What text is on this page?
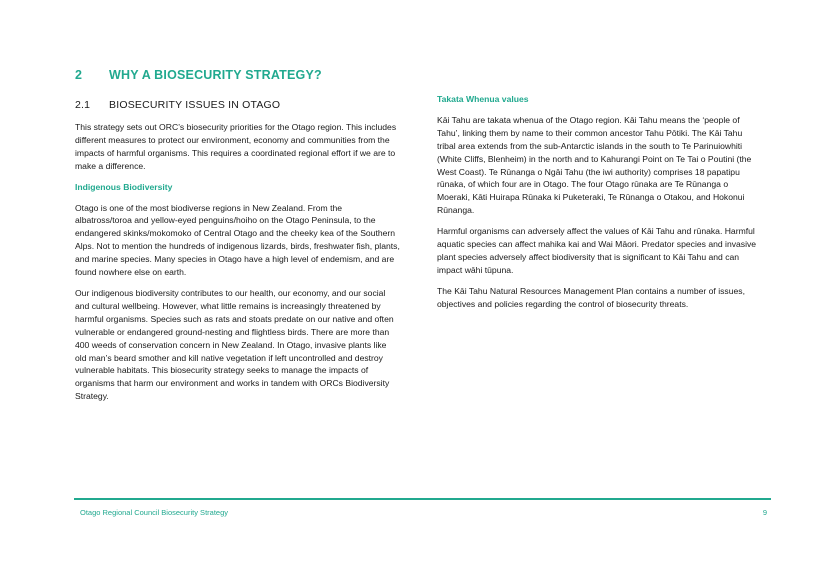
2 WHY A BIOSECURITY STRATEGY?
2.1 BIOSECURITY ISSUES IN OTAGO

This strategy sets out ORC’s biosecurity priorities for the Otago region. This includes different measures to protect our environment, economy and communities from the impacts of harmful organisms. This requires a coordinated regional effort if we are to make a difference.

Indigenous Biodiversity

Otago is one of the most biodiverse regions in New Zealand. From the albatross/toroa and yellow-eyed penguins/hoiho on the Otago Peninsula, to the endangered skinks/mokomoko of Central Otago and the cheeky kea of the Southern Alps. Not to mention the hundreds of indigenous lizards, birds, freshwater fish, plants, and marine species. Many species in Otago have a high level of endemism, and are found nowhere else on earth.

Our indigenous biodiversity contributes to our health, our economy, and our social and cultural wellbeing. However, what little remains is increasingly threatened by harmful organisms. Species such as rats and stoats predate on our native and often vulnerable or endangered ground-nesting and flightless birds. There are more than 400 weeds of conservation concern in New Zealand. In Otago, invasive plants like old man’s beard smother and kill native vegetation if left uncontrolled and destroy vulnerable habitats. This biosecurity strategy seeks to manage the impacts of organisms that harm our environment and works in tandem with ORCs Biodiversity Strategy.

Takata Whenua values

Kāi Tahu are takata whenua of the Otago region. Kāi Tahu means the ‘people of Tahu’, linking them by name to their common ancestor Tahu Pōtiki. The Kāi Tahu tribal area extends from the sub-Antarctic islands in the south to Te Parinuiowhiti (White Cliffs, Blenheim) in the north and to Kahurangi Point on Te Tai o Poutini (the West Coast). Te Rūnanga o Ngāi Tahu (the iwi authority) comprises 18 papatipu rūnaka, of which four are in Otago. The four Otago rūnaka are Te Rūnanga o Moeraki, Kāti Huirapa Rūnaka ki Puketeraki, Te Rūnanga o Otakou, and Hokonui Rūnanga.

Harmful organisms can adversely affect the values of Kāi Tahu and rūnaka. Harmful aquatic species can affect mahika kai and Wai Māori. Predator species and invasive plant species adversely affect biodiversity that is significant to Kāi Tahu and can impact wāhi tūpuna.

The Kāi Tahu Natural Resources Management Plan contains a number of issues, objectives and policies regarding the control of biosecurity threats.

Otago Regional Council Biosecurity Strategy	9
